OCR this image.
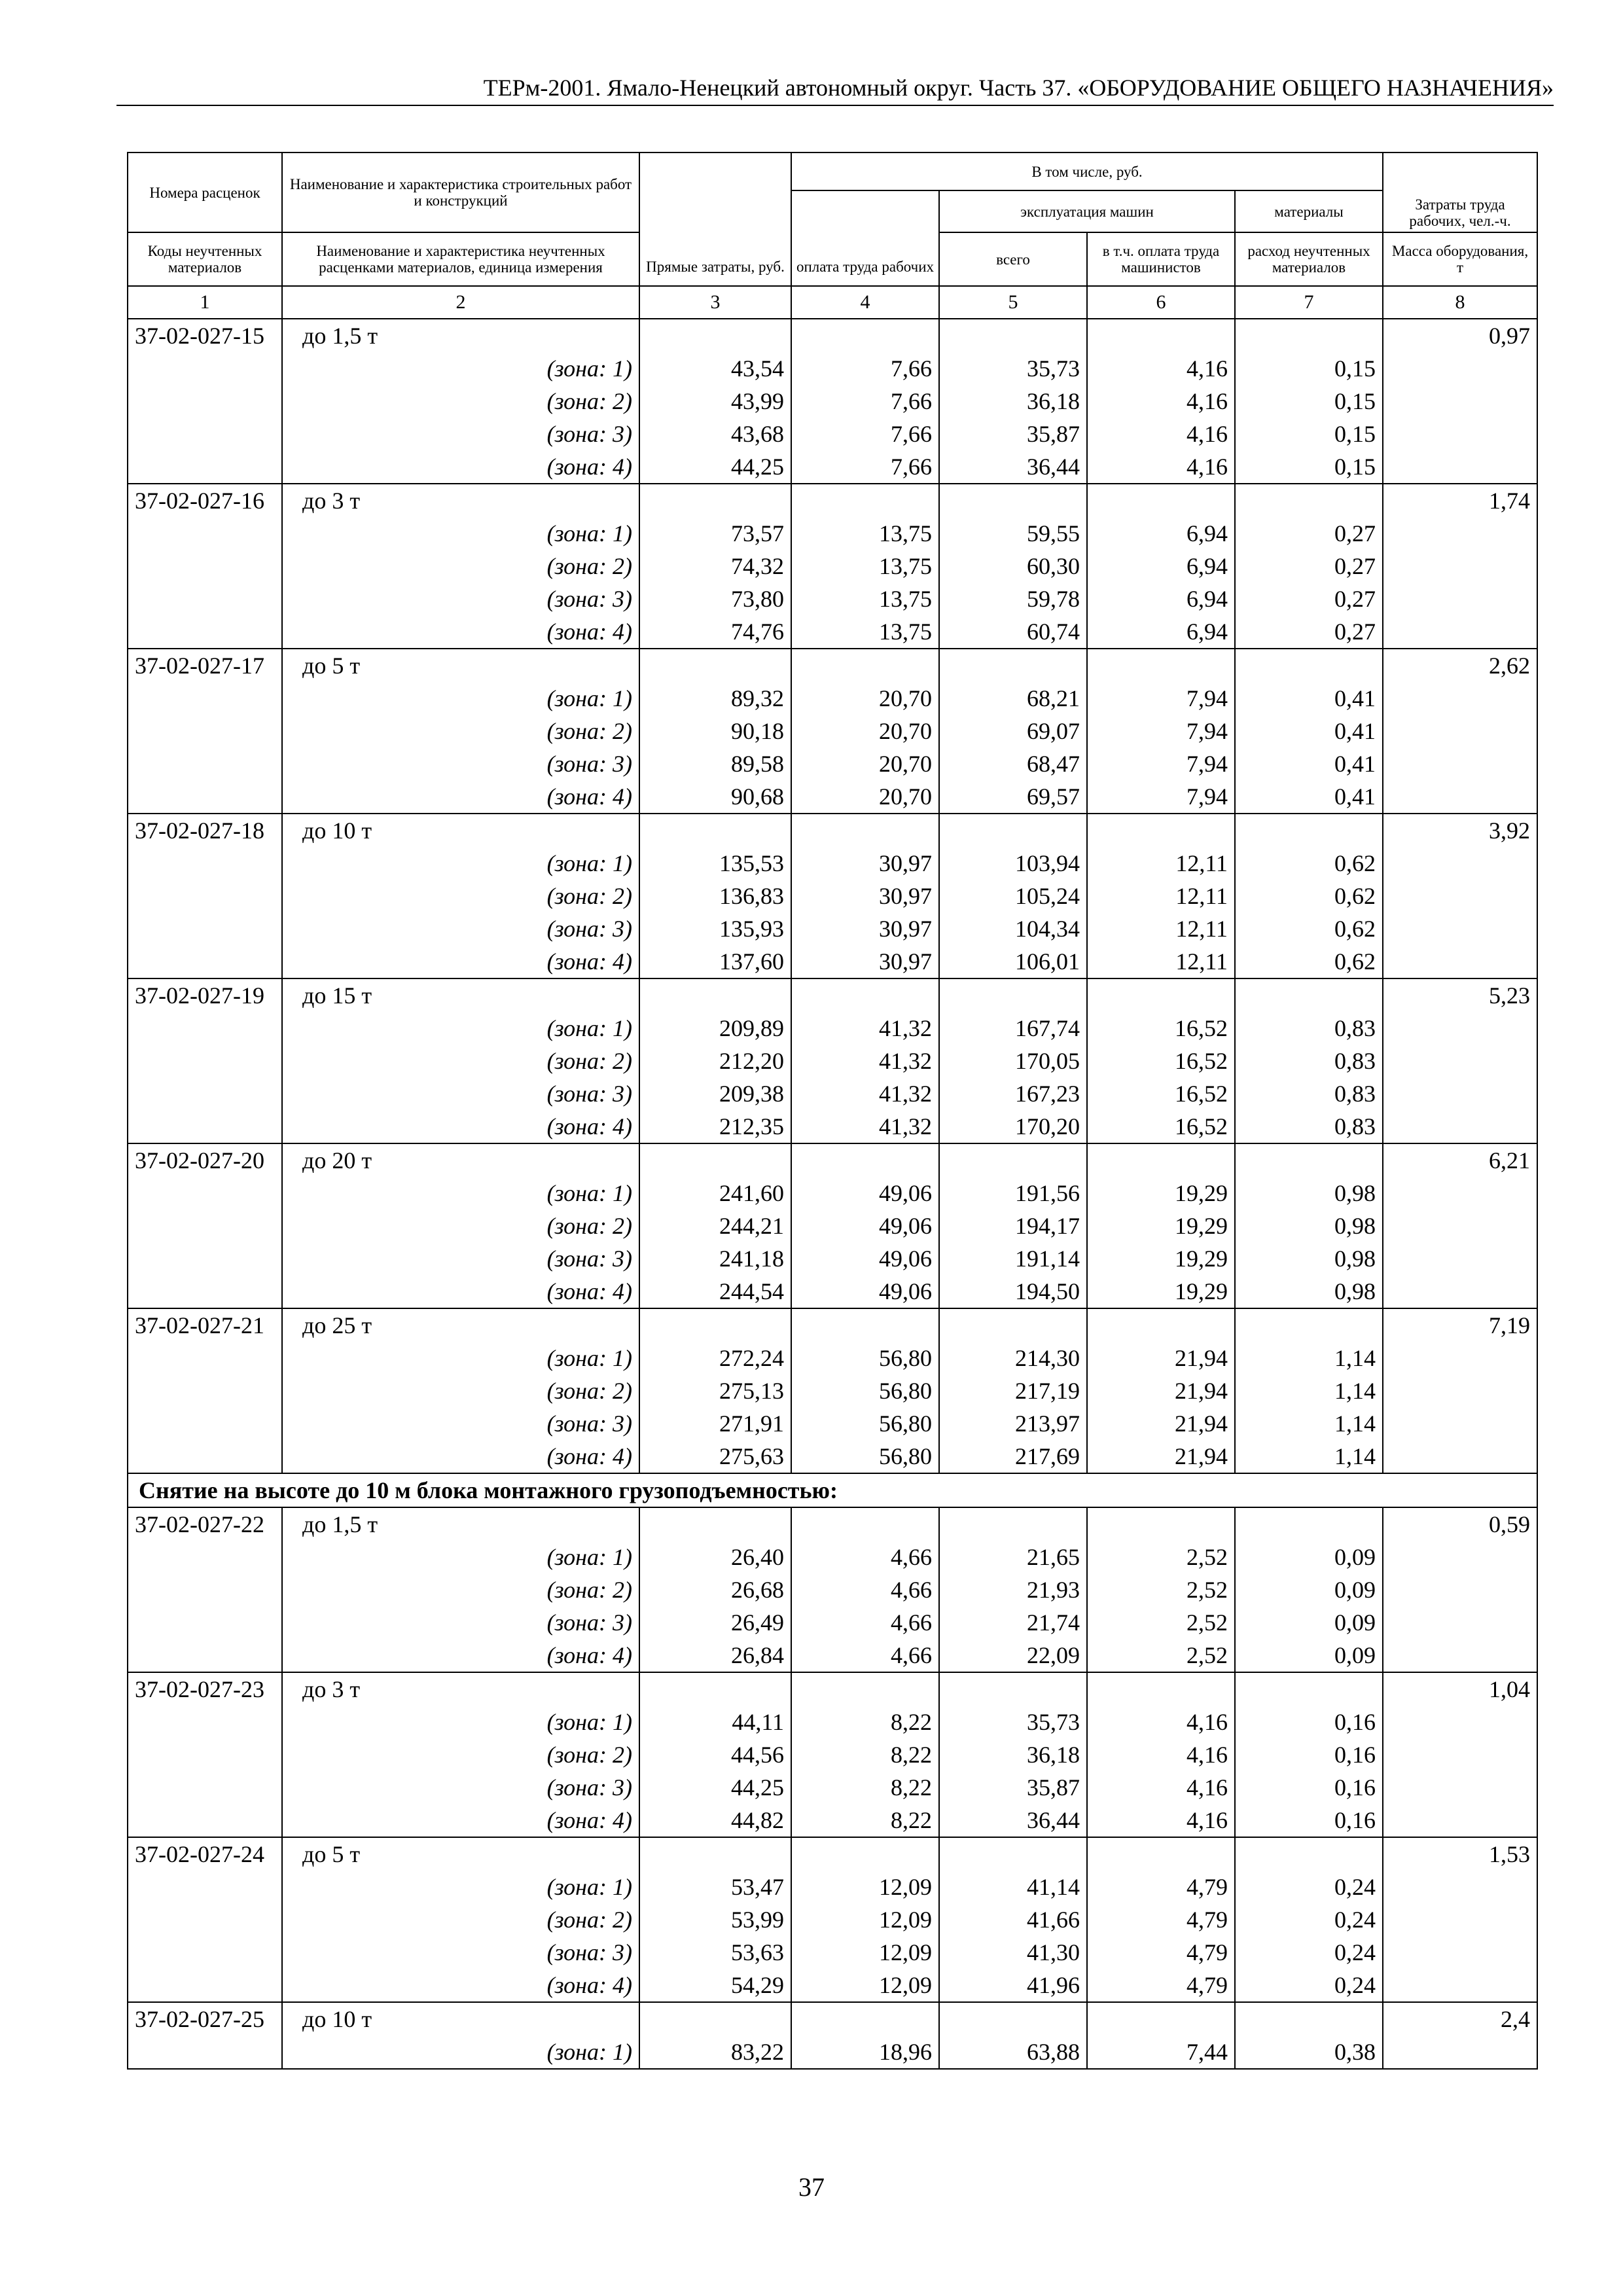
ТЕРм-2001. Ямало-Ненецкий автономный округ. Часть 37. «ОБОРУДОВАНИЕ ОБЩЕГО НАЗНАЧЕНИЯ»
Номера расценок	Наименование и характеристика строительных работ и конструкций	Прямые затраты, руб.	В том числе, руб.				Затраты труда рабочих, чел.-ч.
			оплата труда рабочих	эксплуатация машин		материалы	

Коды неучтенных материалов	Наименование и характеристика неучтенных расценками материалов, единица измерения			всего	в т.ч. оплата труда машинистов	расход неучтенных материалов	Масса оборудования, т

1	2	3	4	5	6	7	8
37-02-027-15	до 1,5 т						0,97
	(зона: 1)	43,54	7,66	35,73	4,16	0,15	
	(зона: 2)	43,99	7,66	36,18	4,16	0,15	
	(зона: 3)	43,68	7,66	35,87	4,16	0,15	
	(зона: 4)	44,25	7,66	36,44	4,16	0,15	
37-02-027-16	до 3 т						1,74
	(зона: 1)	73,57	13,75	59,55	6,94	0,27	
	(зона: 2)	74,32	13,75	60,30	6,94	0,27	
	(зона: 3)	73,80	13,75	59,78	6,94	0,27	
	(зона: 4)	74,76	13,75	60,74	6,94	0,27	
37-02-027-17	до 5 т						2,62
	(зона: 1)	89,32	20,70	68,21	7,94	0,41	
	(зона: 2)	90,18	20,70	69,07	7,94	0,41	
	(зона: 3)	89,58	20,70	68,47	7,94	0,41	
	(зона: 4)	90,68	20,70	69,57	7,94	0,41	
37-02-027-18	до 10 т						3,92
	(зона: 1)	135,53	30,97	103,94	12,11	0,62	
	(зона: 2)	136,83	30,97	105,24	12,11	0,62	
	(зона: 3)	135,93	30,97	104,34	12,11	0,62	
	(зона: 4)	137,60	30,97	106,01	12,11	0,62	
37-02-027-19	до 15 т						5,23
	(зона: 1)	209,89	41,32	167,74	16,52	0,83	
	(зона: 2)	212,20	41,32	170,05	16,52	0,83	
	(зона: 3)	209,38	41,32	167,23	16,52	0,83	
	(зона: 4)	212,35	41,32	170,20	16,52	0,83	
37-02-027-20	до 20 т						6,21
	(зона: 1)	241,60	49,06	191,56	19,29	0,98	
	(зона: 2)	244,21	49,06	194,17	19,29	0,98	
	(зона: 3)	241,18	49,06	191,14	19,29	0,98	
	(зона: 4)	244,54	49,06	194,50	19,29	0,98	
37-02-027-21	до 25 т						7,19
	(зона: 1)	272,24	56,80	214,30	21,94	1,14	
	(зона: 2)	275,13	56,80	217,19	21,94	1,14	
	(зона: 3)	271,91	56,80	213,97	21,94	1,14	
	(зона: 4)	275,63	56,80	217,69	21,94	1,14	
Снятие на высоте до 10 м блока монтажного грузоподъемностью:							
37-02-027-22	до 1,5 т						0,59
	(зона: 1)	26,40	4,66	21,65	2,52	0,09	
	(зона: 2)	26,68	4,66	21,93	2,52	0,09	
	(зона: 3)	26,49	4,66	21,74	2,52	0,09	
	(зона: 4)	26,84	4,66	22,09	2,52	0,09	
37-02-027-23	до 3 т						1,04
	(зона: 1)	44,11	8,22	35,73	4,16	0,16	
	(зона: 2)	44,56	8,22	36,18	4,16	0,16	
	(зона: 3)	44,25	8,22	35,87	4,16	0,16	
	(зона: 4)	44,82	8,22	36,44	4,16	0,16	
37-02-027-24	до 5 т						1,53
	(зона: 1)	53,47	12,09	41,14	4,79	0,24	
	(зона: 2)	53,99	12,09	41,66	4,79	0,24	
	(зона: 3)	53,63	12,09	41,30	4,79	0,24	
	(зона: 4)	54,29	12,09	41,96	4,79	0,24	
37-02-027-25	до 10 т						2,4
	(зона: 1)	83,22	18,96	63,88	7,44	0,38	
37
